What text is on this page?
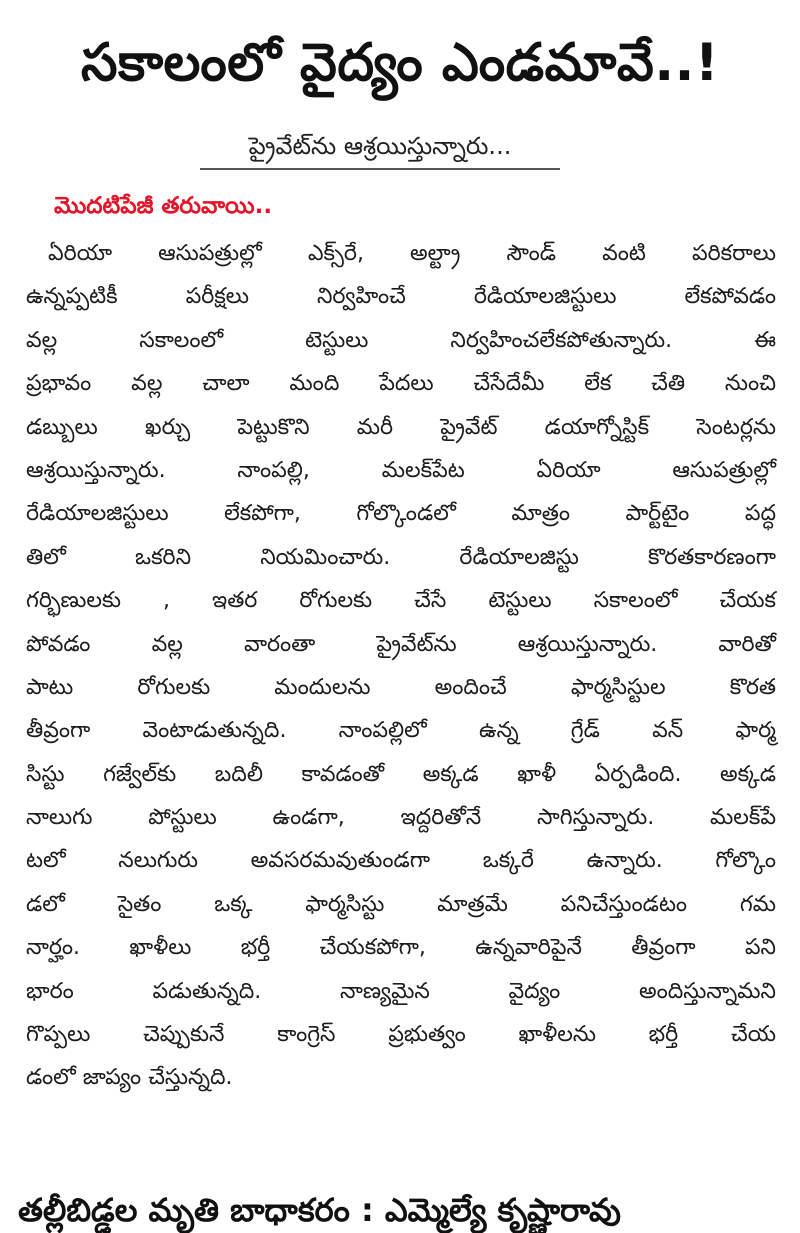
సకాలంలో వైద్యం ఎండమావే..!
ప్రైవేట్‌ను ఆశ్రయిస్తున్నారు...
మొదటిపేజీ తరువాయి..
ఏరియా ఆసుపత్రుల్లో ఎక్స్‌రే, అల్ట్రా సౌండ్ వంటి పరికరాలు
ఉన్నప్పటికీ పరీక్షలు నిర్వహించే రేడియాలజిస్టులు లేకపోవడం
వల్ల సకాలంలో టెస్టులు నిర్వహించలేకపోతున్నారు. ఈ
ప్రభావం వల్ల చాలా మంది పేదలు చేసేదేమీ లేక చేతి నుంచి
డబ్బులు ఖర్చు పెట్టుకొని మరీ ప్రైవేట్ డయాగ్నోస్టిక్ సెంటర్లను
ఆశ్రయిస్తున్నారు. నాంపల్లి, మలక్‌పేట ఏరియా ఆసుపత్రుల్లో
రేడియాలజిస్టులు లేకపోగా, గోల్కొండలో మాత్రం పార్ట్‌టైం పద్ధ
తిలో ఒకరిని నియమించారు. రేడియాలజిస్టు కొరతకారణంగా
గర్భిణులకు , ఇతర రోగులకు చేసే టెస్టులు సకాలంలో చేయక
పోవడం వల్ల వారంతా ప్రైవేట్‌ను ఆశ్రయిస్తున్నారు. వారితో
పాటు రోగులకు మందులను అందించే ఫార్మసిస్టుల కొరత
తీవ్రంగా వెంటాడుతున్నది. నాంపల్లిలో ఉన్న గ్రేడ్ వన్ ఫార్మ
సిస్టు గజ్వేల్‌కు బదిలీ కావడంతో అక్కడ ఖాళీ ఏర్పడింది. అక్కడ
నాలుగు పోస్టులు ఉండగా, ఇద్దరితోనే సాగిస్తున్నారు. మలక్‌పే
టలో నలుగురు అవసరమవుతుండగా ఒక్కరే ఉన్నారు. గోల్కొం
డలో సైతం ఒక్క ఫార్మసిస్టు మాత్రమే పనిచేస్తుండటం గమ
నార్హం. ఖాళీలు భర్తీ చేయకపోగా, ఉన్నవారిపైనే తీవ్రంగా పని
భారం పడుతున్నది. నాణ్యమైన వైద్యం అందిస్తున్నామని
గొప్పలు చెప్పుకునే కాంగ్రెస్ ప్రభుత్వం ఖాళీలను భర్తీ చేయ
డంలో జాప్యం చేస్తున్నది.
తల్లీబిడ్డల మృతి బాధాకరం : ఎమ్మెల్యే కృష్ణారావు
